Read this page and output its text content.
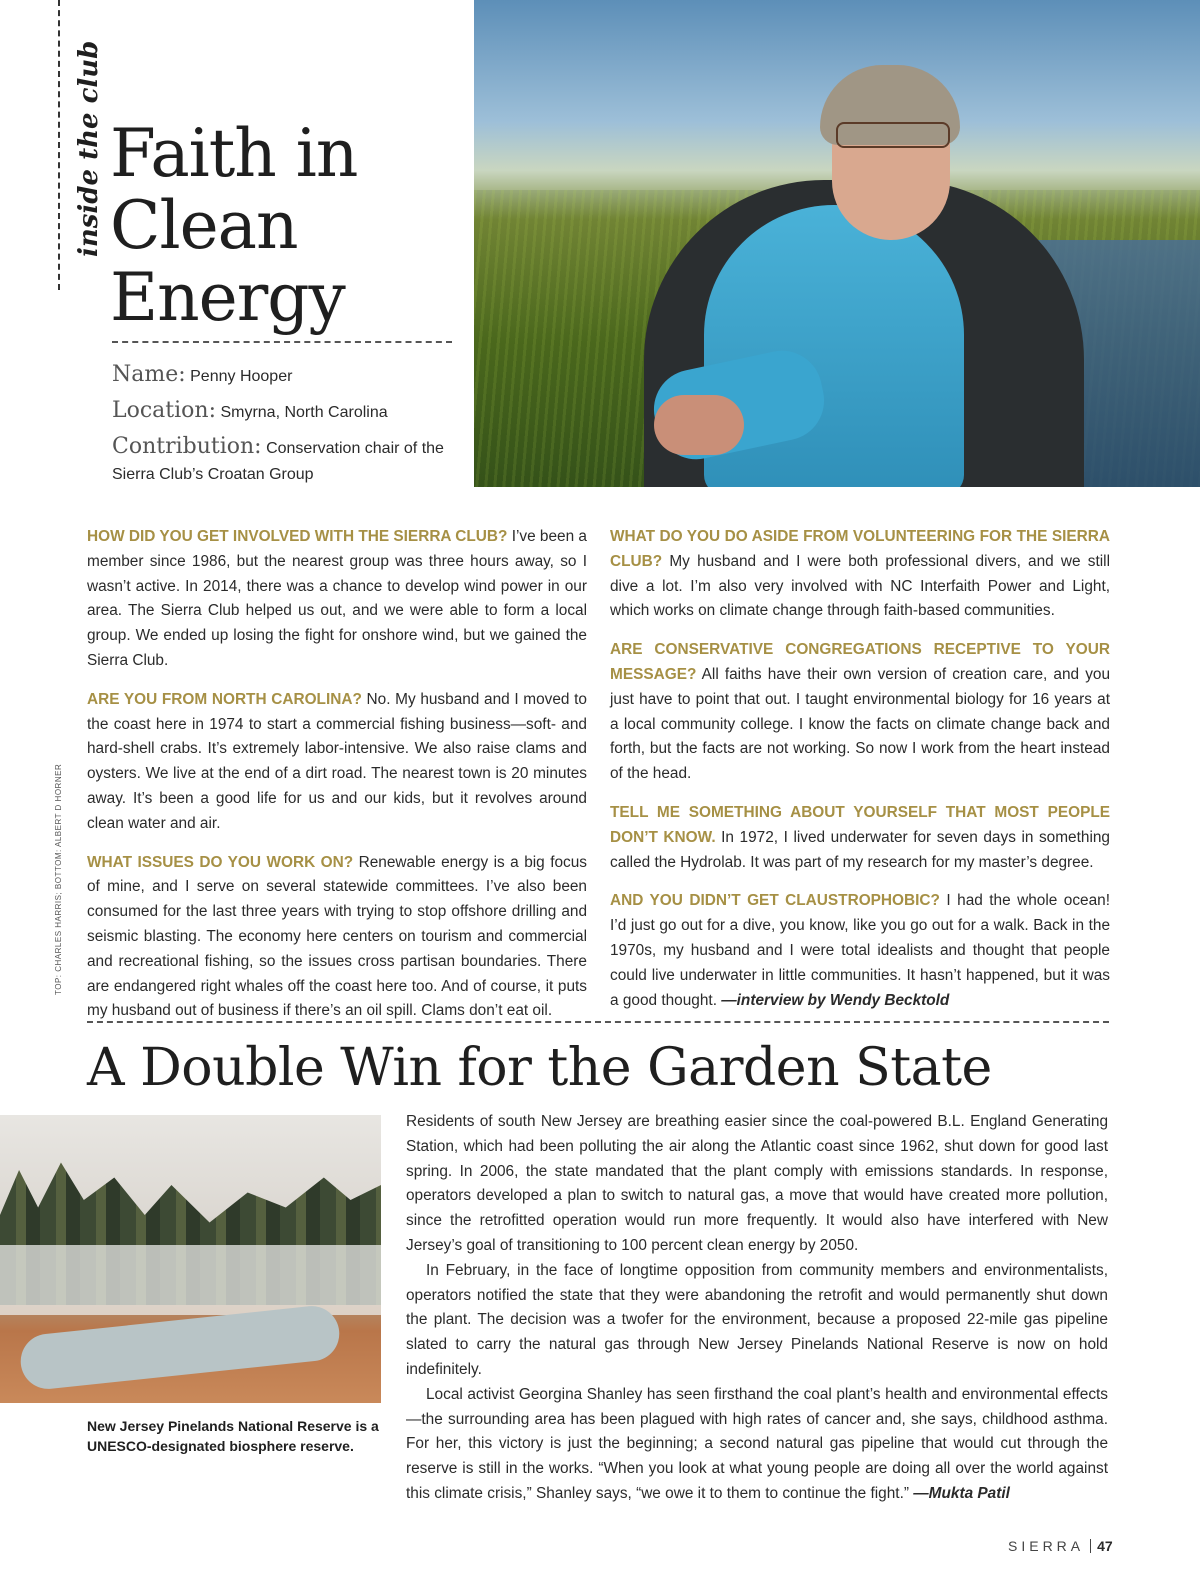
inside the club Faith in
Clean
Energy

Name: Penny Hooper

Location: Smyrna, North Carolina

Contribution: Conservation chair of the Sierra Club’s Croatan Group

HOW DID YOU GET INVOLVED WITH THE SIERRA CLUB? I’ve been a member since 1986, but the nearest group was three hours away, so I wasn’t active. In 2014, there was a chance to develop wind power in our area. The Sierra Club helped us out, and we were able to form a local group. We ended up losing the fight for onshore wind, but we gained the Sierra Club.

ARE YOU FROM NORTH CAROLINA? No. My husband and I moved to the coast here in 1974 to start a commercial fishing business—soft- and hard-shell crabs. It’s extremely labor-intensive. We also raise clams and oysters. We live at the end of a dirt road. The nearest town is 20 minutes away. It’s been a good life for us and our kids, but it revolves around clean water and air.

WHAT ISSUES DO YOU WORK ON? Renewable energy is a big focus of mine, and I serve on several statewide committees. I’ve also been consumed for the last three years with trying to stop offshore drilling and seismic blasting. The economy here centers on tourism and commercial and recreational fishing, so the issues cross partisan boundaries. There are endangered right whales off the coast here too. And of course, it puts my husband out of business if there’s an oil spill. Clams don’t eat oil.

WHAT DO YOU DO ASIDE FROM VOLUNTEERING FOR THE SIERRA CLUB? My husband and I were both professional divers, and we still dive a lot. I’m also very involved with NC Interfaith Power and Light, which works on climate change through faith-based communities.

ARE CONSERVATIVE CONGREGATIONS RECEPTIVE TO YOUR MESSAGE? All faiths have their own version of creation care, and you just have to point that out. I taught environmental biology for 16 years at a local community college. I know the facts on climate change back and forth, but the facts are not working. So now I work from the heart instead of the head.

TELL ME SOMETHING ABOUT YOURSELF THAT MOST PEOPLE DON’T KNOW. In 1972, I lived underwater for seven days in something called the Hydrolab. It was part of my research for my master’s degree.

AND YOU DIDN’T GET CLAUSTROPHOBIC? I had the whole ocean! I’d just go out for a dive, you know, like you go out for a walk. Back in the 1970s, my husband and I were total idealists and thought that people could live underwater in little communities. It hasn’t happened, but it was a good thought. —interview by Wendy Becktold

TOP: CHARLES HARRIS; BOTTOM: ALBERT D HORNER
A Double Win for the Garden State

New Jersey Pinelands National Reserve is a UNESCO-designated biosphere reserve.

Residents of south New Jersey are breathing easier since the coal-powered B.L. England Generating Station, which had been polluting the air along the Atlantic coast since 1962, shut down for good last spring. In 2006, the state mandated that the plant comply with emissions standards. In response, operators developed a plan to switch to natural gas, a move that would have created more pollution, since the retrofitted operation would run more frequently. It would also have interfered with New Jersey’s goal of transitioning to 100 percent clean energy by 2050.

In February, in the face of longtime opposition from community members and environmentalists, operators notified the state that they were abandoning the retrofit and would permanently shut down the plant. The decision was a twofer for the environment, because a proposed 22-mile gas pipeline slated to carry the natural gas through New Jersey Pinelands National Reserve is now on hold indefinitely.

Local activist Georgina Shanley has seen firsthand the coal plant’s health and environmental effects—the surrounding area has been plagued with high rates of cancer and, she says, childhood asthma. For her, this victory is just the beginning; a second natural gas pipeline that would cut through the reserve is still in the works. “When you look at what young people are doing all over the world against this climate crisis,” Shanley says, “we owe it to them to continue the fight.” —Mukta Patil

SIERRA 47
